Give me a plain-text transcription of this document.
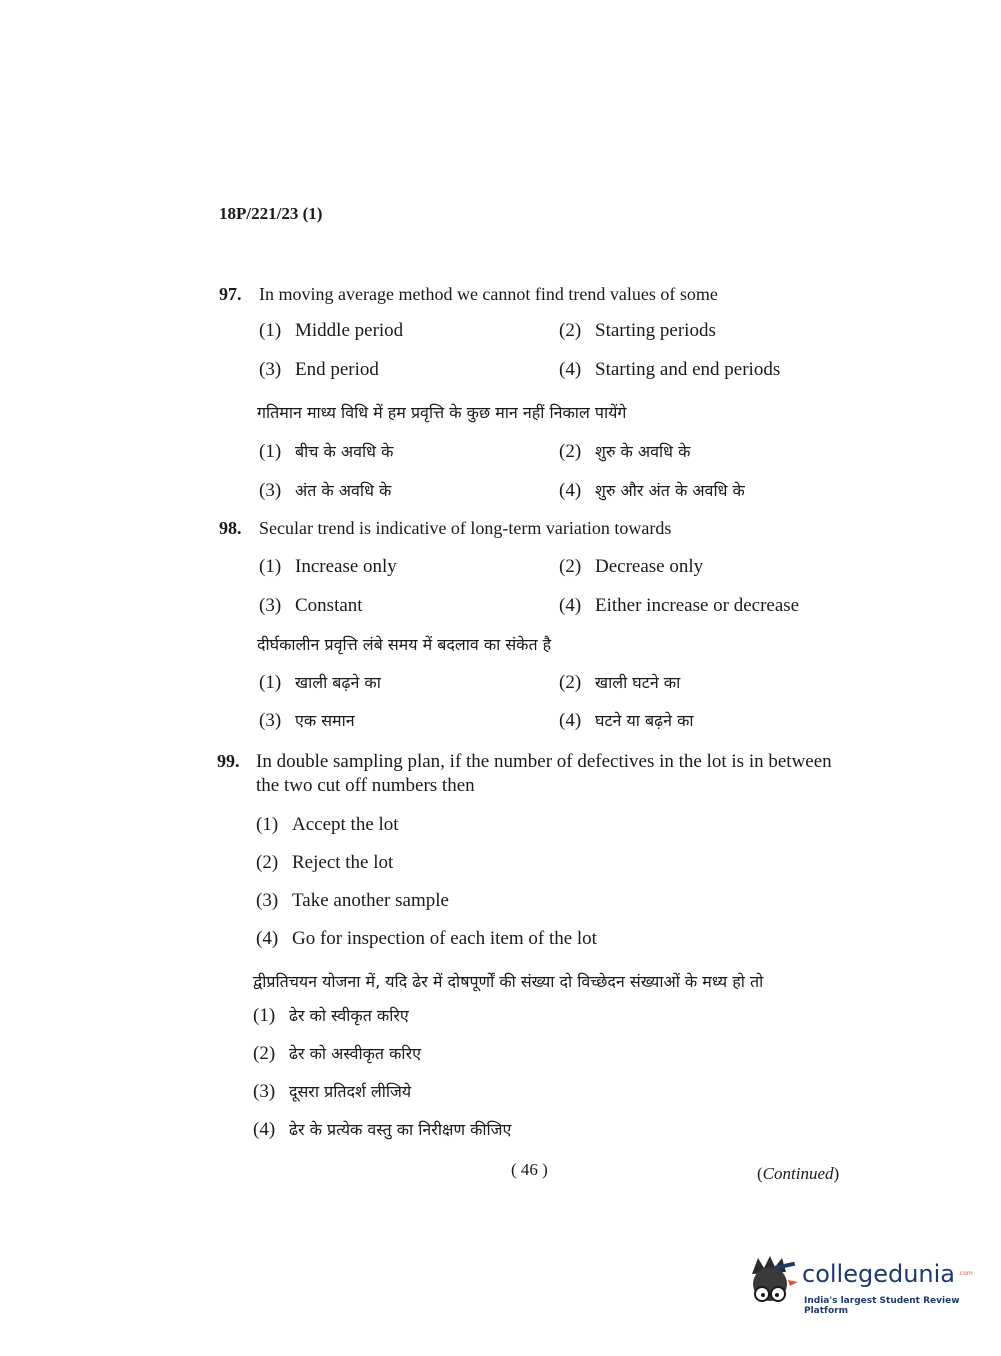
18P/221/23 (1)
97. In moving average method we cannot find trend values of some
(1) Middle period	(2) Starting periods
(3) End period	(4) Starting and end periods
गतिमान माध्य विधि में हम प्रवृत्ति के कुछ मान नहीं निकाल पायेंगे
(1) बीच के अवधि के	(2) शुरु के अवधि के
(3) अंत के अवधि के	(4) शुरु और अंत के अवधि के
98. Secular trend is indicative of long-term variation towards
(1) Increase only	(2) Decrease only
(3) Constant	(4) Either increase or decrease
दीर्घकालीन प्रवृत्ति लंबे समय में बदलाव का संकेत है
(1) खाली बढ़ने का	(2) खाली घटने का
(3) एक समान	(4) घटने या बढ़ने का
99. In double sampling plan, if the number of defectives in the lot is in between
the two cut off numbers then
(1) Accept the lot
(2) Reject the lot
(3) Take another sample
(4) Go for inspection of each item of the lot
द्वीप्रतिचयन योजना में, यदि ढेर में दोषपूर्णों की संख्या दो विच्छेदन संख्याओं के मध्य हो तो
(1) ढेर को स्वीकृत करिए
(2) ढेर को अस्वीकृत करिए
(3) दूसरा प्रतिदर्श लीजिये
(4) ढेर के प्रत्येक वस्तु का निरीक्षण कीजिए
( 46 )	(Continued)
collegedunia .com
India's largest Student Review Platform
